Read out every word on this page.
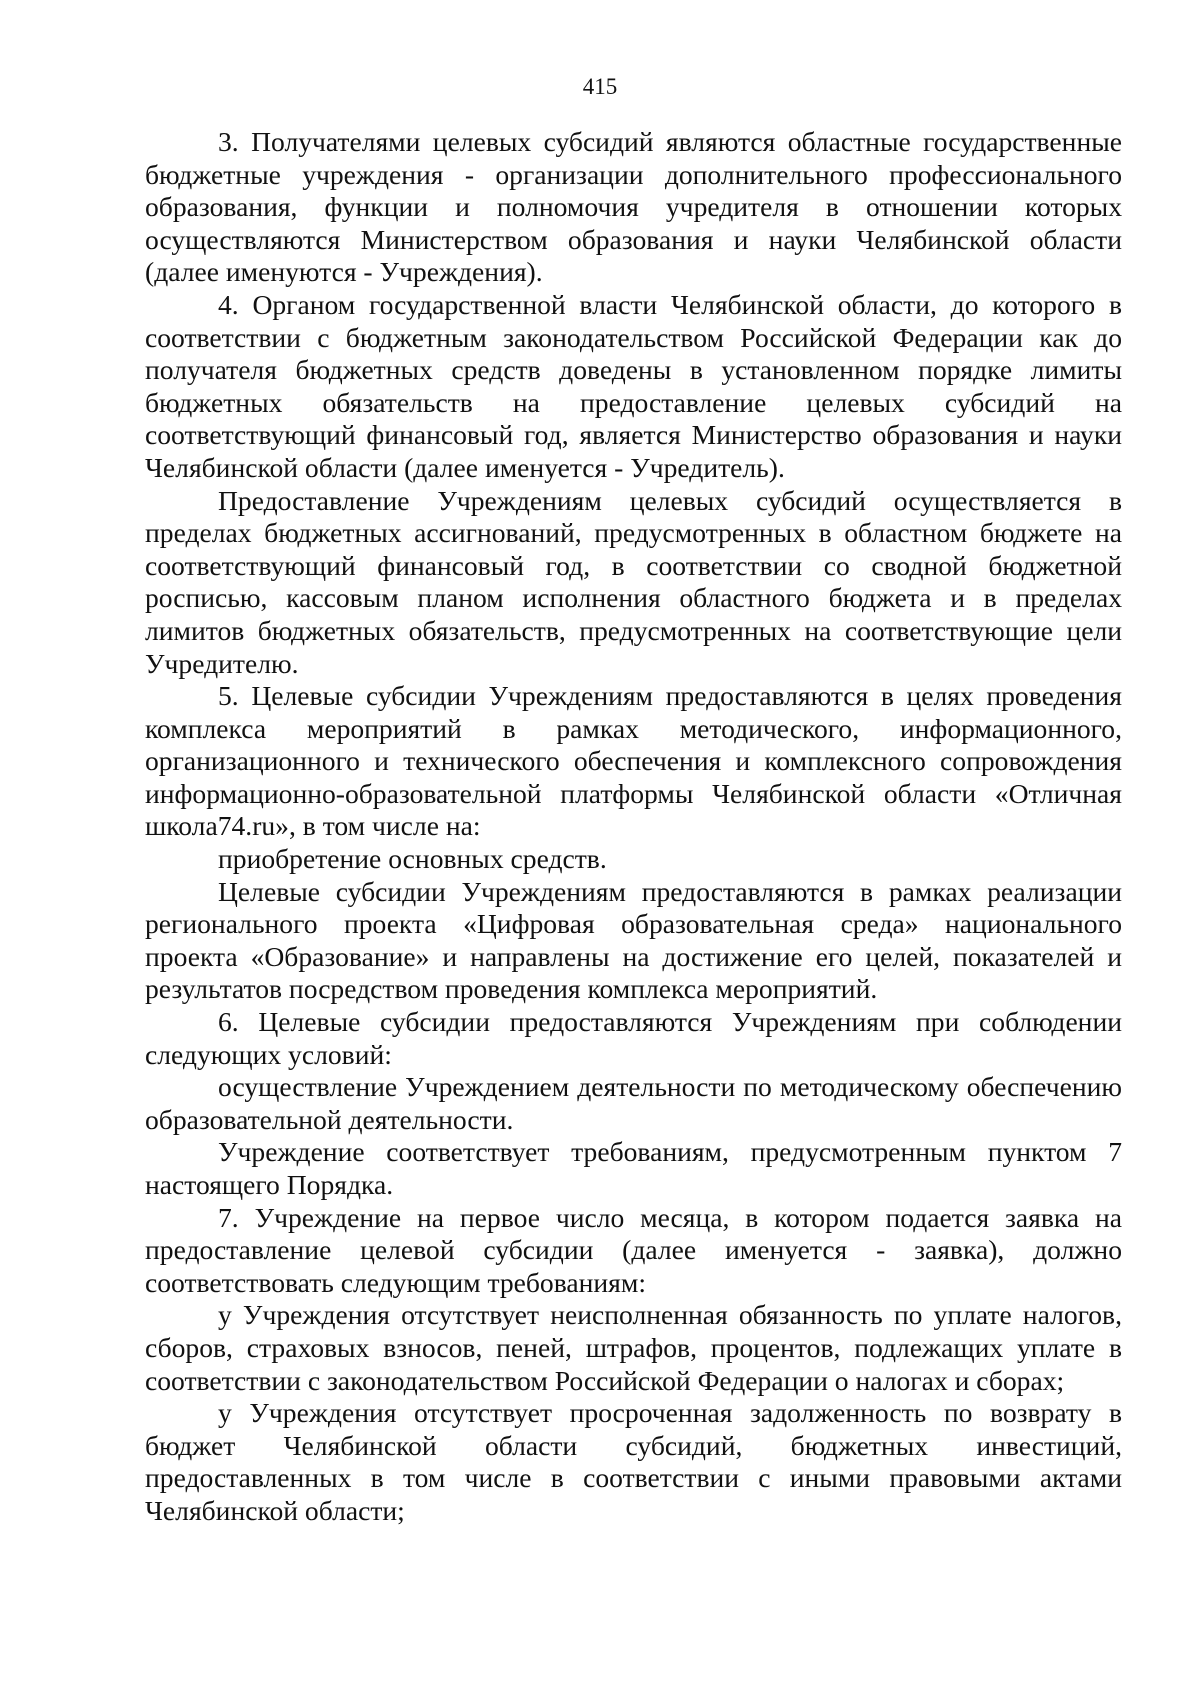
415

3. Получателями целевых субсидий являются областные государственные бюджетные учреждения - организации дополнительного профессионального образования, функции и полномочия учредителя в отношении которых осуществляются Министерством образования и науки Челябинской области (далее именуются - Учреждения).

4. Органом государственной власти Челябинской области, до которого в соответствии с бюджетным законодательством Российской Федерации как до получателя бюджетных средств доведены в установленном порядке лимиты бюджетных обязательств на предоставление целевых субсидий на соответствующий финансовый год, является Министерство образования и науки Челябинской области (далее именуется - Учредитель).

Предоставление Учреждениям целевых субсидий осуществляется в пределах бюджетных ассигнований, предусмотренных в областном бюджете на соответствующий финансовый год, в соответствии со сводной бюджетной росписью, кассовым планом исполнения областного бюджета и в пределах лимитов бюджетных обязательств, предусмотренных на соответствующие цели Учредителю.

5. Целевые субсидии Учреждениям предоставляются в целях проведения комплекса мероприятий в рамках методического, информационного, организационного и технического обеспечения и комплексного сопровождения информационно-образовательной платформы Челябинской области «Отличная школа74.ru», в том числе на:

приобретение основных средств.

Целевые субсидии Учреждениям предоставляются в рамках реализации регионального проекта «Цифровая образовательная среда» национального проекта «Образование» и направлены на достижение его целей, показателей и результатов посредством проведения комплекса мероприятий.

6. Целевые субсидии предоставляются Учреждениям при соблюдении следующих условий:

осуществление Учреждением деятельности по методическому обеспечению образовательной деятельности.

Учреждение соответствует требованиям, предусмотренным пунктом 7 настоящего Порядка.

7. Учреждение на первое число месяца, в котором подается заявка на предоставление целевой субсидии (далее именуется - заявка), должно соответствовать следующим требованиям:

у Учреждения отсутствует неисполненная обязанность по уплате налогов, сборов, страховых взносов, пеней, штрафов, процентов, подлежащих уплате в соответствии с законодательством Российской Федерации о налогах и сборах;

у Учреждения отсутствует просроченная задолженность по возврату в бюджет Челябинской области субсидий, бюджетных инвестиций, предоставленных в том числе в соответствии с иными правовыми актами Челябинской области;
